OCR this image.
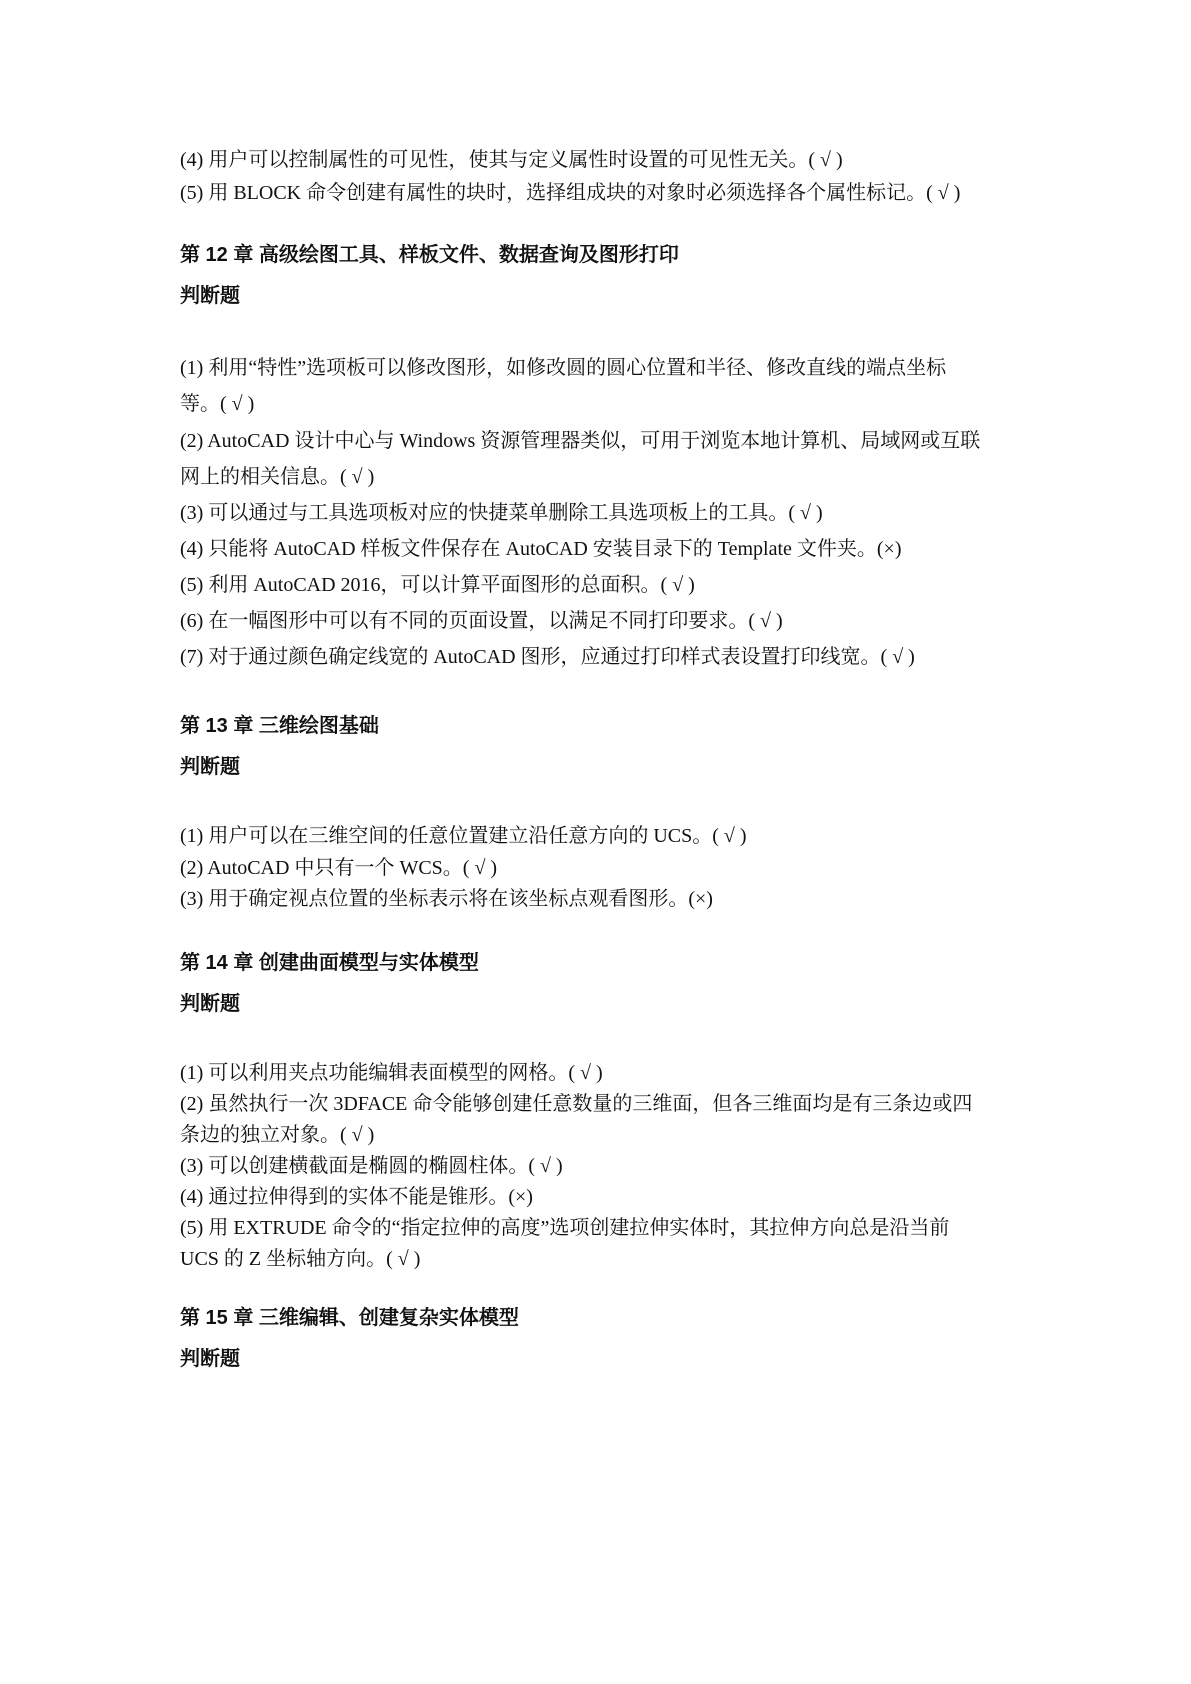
(4) 用户可以控制属性的可见性，使其与定义属性时设置的可见性无关。( √ )
(5) 用 BLOCK 命令创建有属性的块时，选择组成块的对象时必须选择各个属性标记。( √ )
第 12 章 高级绘图工具、样板文件、数据查询及图形打印
判断题
(1) 利用“特性”选项板可以修改图形，如修改圆的圆心位置和半径、修改直线的端点坐标
等。( √ )
(2) AutoCAD 设计中心与 Windows 资源管理器类似，可用于浏览本地计算机、局域网或互联
网上的相关信息。( √ )
(3) 可以通过与工具选项板对应的快捷菜单删除工具选项板上的工具。( √ )
(4) 只能将 AutoCAD 样板文件保存在 AutoCAD 安装目录下的 Template 文件夹。(×)
(5) 利用 AutoCAD 2016，可以计算平面图形的总面积。( √ )
(6) 在一幅图形中可以有不同的页面设置，以满足不同打印要求。( √ )
(7) 对于通过颜色确定线宽的 AutoCAD 图形，应通过打印样式表设置打印线宽。( √ )
第 13 章 三维绘图基础
判断题
(1) 用户可以在三维空间的任意位置建立沿任意方向的 UCS。( √ )
(2) AutoCAD 中只有一个 WCS。( √ )
(3) 用于确定视点位置的坐标表示将在该坐标点观看图形。(×)
第 14 章 创建曲面模型与实体模型
判断题
(1) 可以利用夹点功能编辑表面模型的网格。( √ )
(2) 虽然执行一次 3DFACE 命令能够创建任意数量的三维面，但各三维面均是有三条边或四
条边的独立对象。( √ )
(3) 可以创建横截面是椭圆的椭圆柱体。( √ )
(4) 通过拉伸得到的实体不能是锥形。(×)
(5) 用 EXTRUDE 命令的“指定拉伸的高度”选项创建拉伸实体时，其拉伸方向总是沿当前
UCS 的 Z 坐标轴方向。( √ )
第 15 章 三维编辑、创建复杂实体模型
判断题
